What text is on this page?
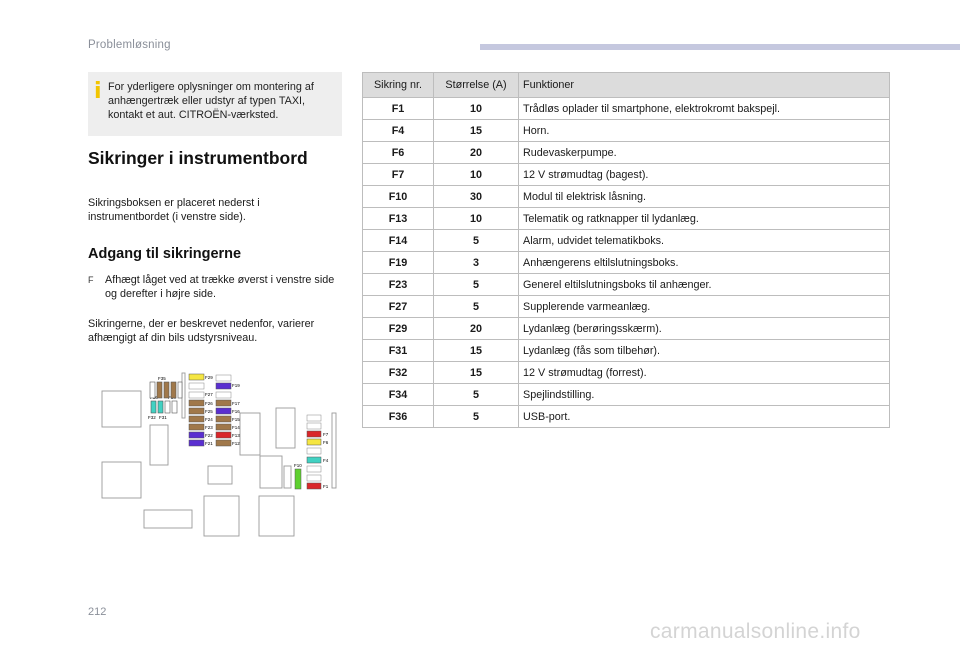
Problemløsning
i For yderligere oplysninger om montering af anhængertræk eller udstyr af typen TAXI, kontakt et aut. CITROËN-værksted.
Sikringer i instrumentbord
Sikringsboksen er placeret nederst i instrumentbordet (i venstre side).
Adgang til sikringerne
F Afhægt låget ved at trække øverst i venstre side og derefter i højre side.
Sikringerne, der er beskrevet nedenfor, varierer afhængigt af din bils udstyrsniveau.
F35
F32 F31
F29
F19
F27
F26	F17
F25	F16
F24	F15
F23	F14
F22	F13
F21	F12
F7
F6
F4
F1
F10
Sikring nr.	Størrelse (A)	Funktioner
F1	10	Trådløs oplader til smartphone, elektrokromt bakspejl.
F4	15	Horn.
F6	20	Rudevaskerpumpe.
F7	10	12 V strømudtag (bagest).
F10	30	Modul til elektrisk låsning.
F13	10	Telematik og ratknapper til lydanlæg.
F14	5	Alarm, udvidet telematikboks.
F19	3	Anhængerens eltilslutningsboks.
F23	5	Generel eltilslutningsboks til anhænger.
F27	5	Supplerende varmeanlæg.
F29	20	Lydanlæg (berøringsskærm).
F31	15	Lydanlæg (fås som tilbehør).
F32	15	12 V strømudtag (forrest).
F34	5	Spejlindstilling.
F36	5	USB-port.
212
carmanualsonline.info
